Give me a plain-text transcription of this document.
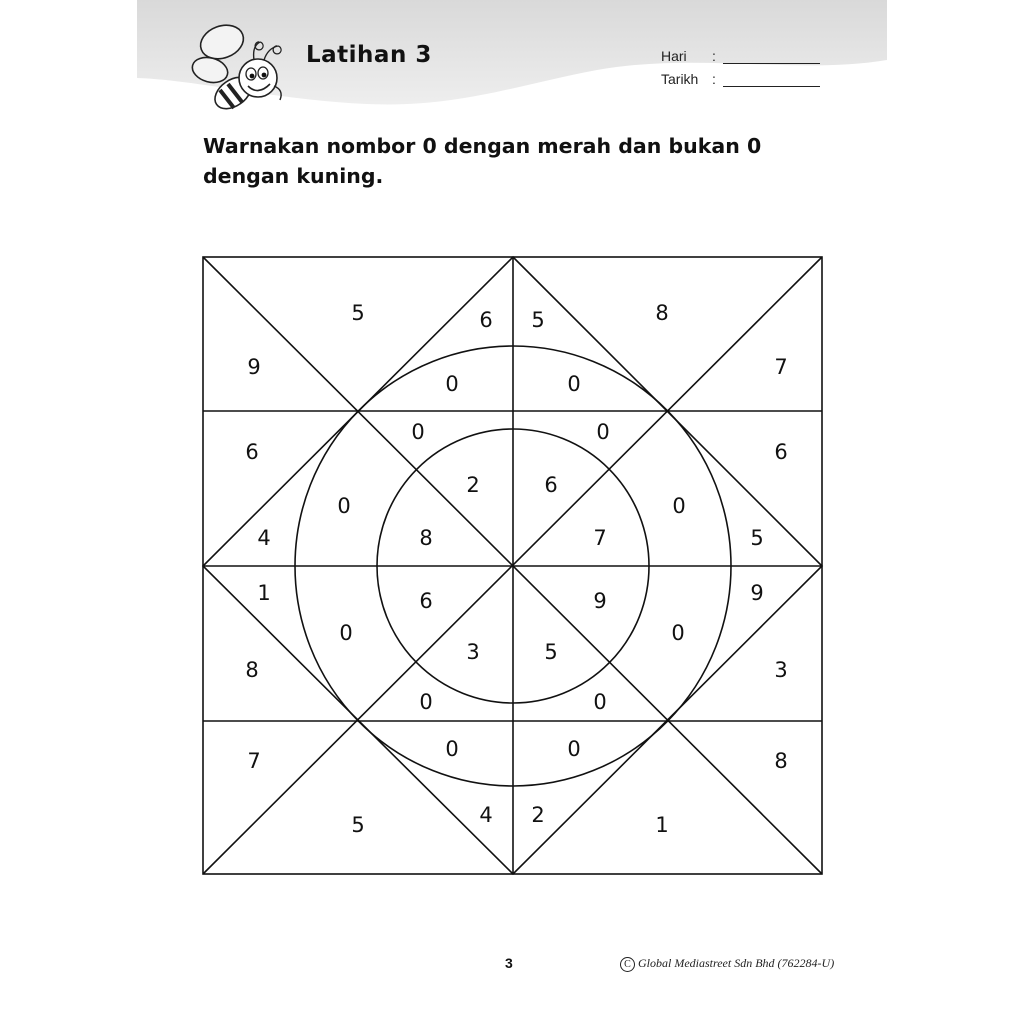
Latihan 3	Hari :
Tarikh :
Warnakan nombor 0 dengan merah dan bukan 0 dengan kuning.
5	6 5	8
9	7
0	0
0	0
6	6
2	6
0	0
4	8	7	5
1	6	9	9
0	0
8	3
3	5
0	0
0	0
7	8
5	4 2	1
3	C Global Mediastreet Sdn Bhd (762284-U)
